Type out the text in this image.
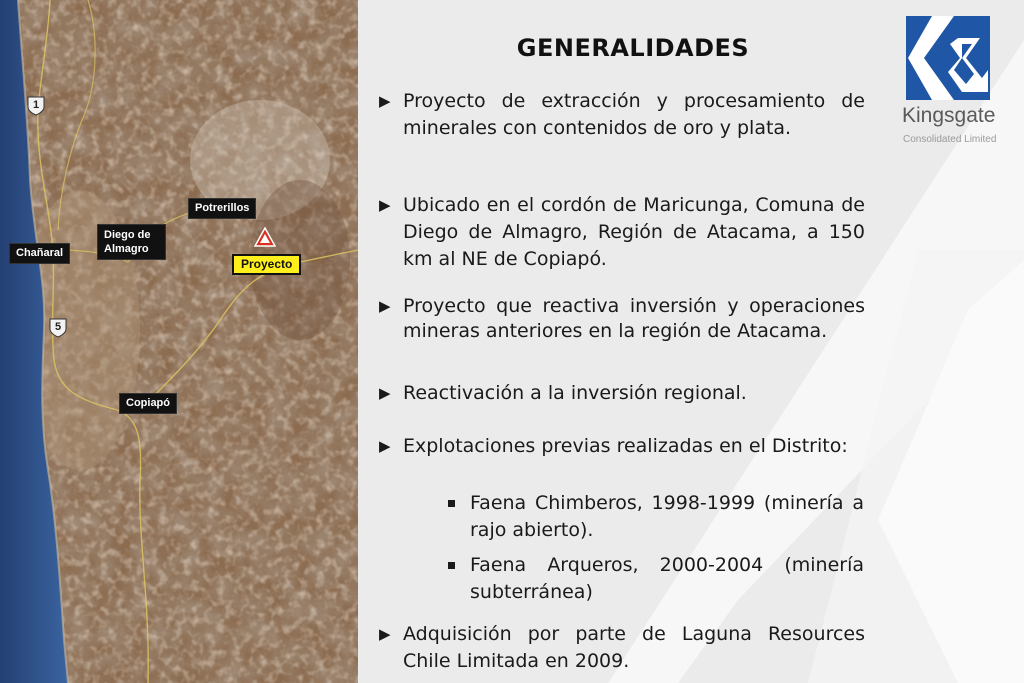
1
5
Potrerillos
Diego de Almagro
Chañaral
Copiapó
Proyecto
GENERALIDADES
▶ Proyecto de extracción y procesamiento de minerales con contenidos de oro y plata.
▶ Ubicado en el cordón de Maricunga, Comuna de Diego de Almagro, Región de Atacama, a 150 km al NE de Copiapó.
▶ Proyecto que reactiva inversión y operaciones mineras anteriores en la región de Atacama.
▶ Reactivación a la inversión regional.
▶ Explotaciones previas realizadas en el Distrito:
Faena Chimberos, 1998-1999 (minería a rajo abierto).
Faena Arqueros, 2000-2004 (minería subterránea)
▶ Adquisición por parte de Laguna Resources Chile Limitada en 2009.
Kingsgate
Consolidated Limited
